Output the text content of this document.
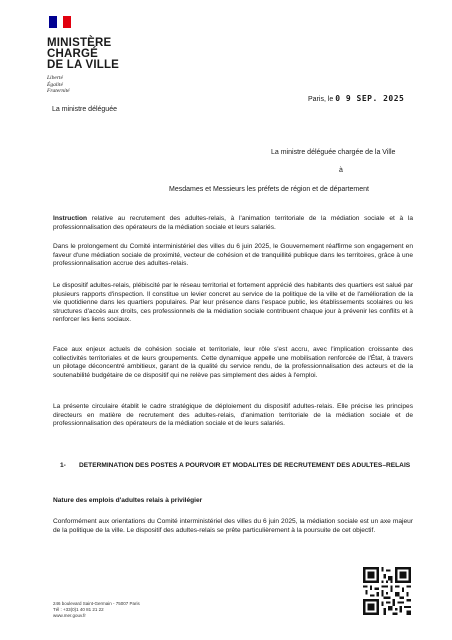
MINISTÈRE
CHARGÉ
DE LA VILLE
Liberté
Égalité
Fraternité
La ministre déléguée
Paris, le 0 9 SEP. 2025
La ministre déléguée chargée de la Ville
à
Mesdames et Messieurs les préfets de région et de département

Instruction relative au recrutement des adultes-relais, à l'animation territoriale de la médiation sociale et à la professionnalisation des opérateurs de la médiation sociale et leurs salariés.

Dans le prolongement du Comité interministériel des villes du 6 juin 2025, le Gouvernement réaffirme son engagement en faveur d'une médiation sociale de proximité, vecteur de cohésion et de tranquillité publique dans les territoires, grâce à une professionnalisation accrue des adultes-relais.

Le dispositif adultes-relais, plébiscité par le réseau territorial et fortement apprécié des habitants des quartiers est salué par plusieurs rapports d'inspection. Il constitue un levier concret au service de la politique de la ville et de l'amélioration de la vie quotidienne dans les quartiers populaires. Par leur présence dans l'espace public, les établissements scolaires ou les structures d'accès aux droits, ces professionnels de la médiation sociale contribuent chaque jour à prévenir les conflits et à renforcer les liens sociaux.

Face aux enjeux actuels de cohésion sociale et territoriale, leur rôle s'est accru, avec l'implication croissante des collectivités territoriales et de leurs groupements. Cette dynamique appelle une mobilisation renforcée de l'État, à travers un pilotage déconcentré ambitieux, garant de la qualité du service rendu, de la professionnalisation des acteurs et de la soutenabilité budgétaire de ce dispositif qui ne relève pas simplement des aides à l'emploi.

La présente circulaire établit le cadre stratégique de déploiement du dispositif adultes-relais. Elle précise les principes directeurs en matière de recrutement des adultes-relais, d'animation territoriale de la médiation sociale et de professionnalisation des opérateurs de la médiation sociale et de leurs salariés.

1- DETERMINATION DES POSTES A POURVOIR ET MODALITES DE RECRUTEMENT DES ADULTES–RELAIS
Nature des emplois d'adultes relais à privilégier

Conformément aux orientations du Comité interministériel des villes du 6 juin 2025, la médiation sociale est un axe majeur de la politique de la ville. Le dispositif des adultes-relais se prête particulièrement à la poursuite de cet objectif.

246 boulevard Saint-Germain - 75007 Paris
Tél : +33(0)1 40 81 21 22
www.mer.gouv.fr
